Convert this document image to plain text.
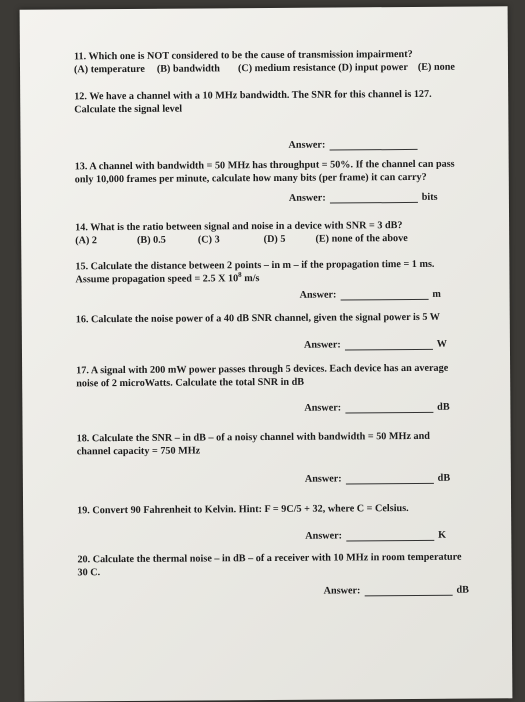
11. Which one is NOT considered to be the cause of transmission impairment?
(A) temperature (B) bandwidth (C) medium resistance (D) input power (E) none
12. We have a channel with a 10 MHz bandwidth. The SNR for this channel is 127.
Calculate the signal level
Answer:
13. A channel with bandwidth = 50 MHz has throughput = 50%. If the channel can pass
only 10,000 frames per minute, calculate how many bits (per frame) it can carry?
Answer:	bits
14. What is the ratio between signal and noise in a device with SNR = 3 dB?
(A) 2	(B) 0.5	(C) 3	(D) 5	(E) none of the above
15. Calculate the distance between 2 points – in m – if the propagation time = 1 ms.
Assume propagation speed = 2.5 X $10^8$ m/s
Answer:	m
16. Calculate the noise power of a 40 dB SNR channel, given the signal power is 5 W
Answer:	W
17. A signal with 200 mW power passes through 5 devices. Each device has an average
noise of 2 microWatts. Calculate the total SNR in dB
Answer:	dB
18. Calculate the SNR – in dB – of a noisy channel with bandwidth = 50 MHz and
channel capacity = 750 MHz
Answer:	dB
19. Convert 90 Fahrenheit to Kelvin. Hint: F = 9C/5 + 32, where C = Celsius.
Answer:	K
20. Calculate the thermal noise – in dB – of a receiver with 10 MHz in room temperature
30 C.
Answer:	dB
